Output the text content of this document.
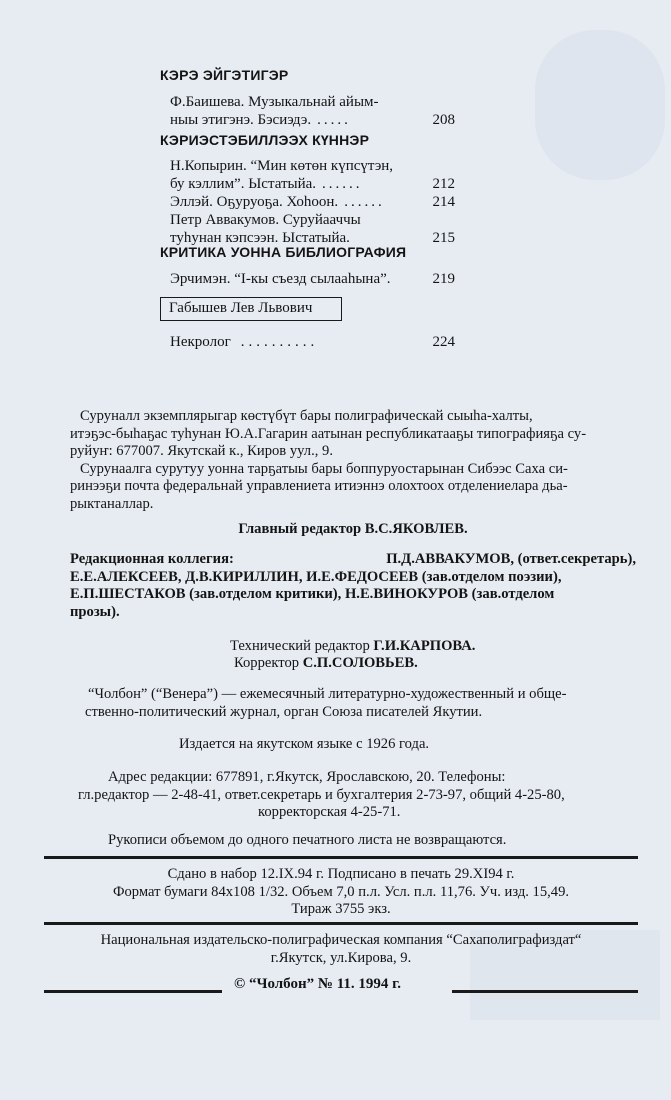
КЭРЭ ЭЙГЭТИГЭР
Ф.Баишева. Музыкальнай айым-
ныы этигэнэ. Бэсиэдэ. .....	208
КЭРИЭСТЭБИЛЛЭЭХ КҮННЭР
Н.Копырин. “Мин көтөн күпсүтэн,
бу кэллим”. Ыстатыйа. ......	212
Эллэй. Оҕуруоҕа. Хоһоон. ......	214
Петр Аввакумов. Суруйааччы
туһунан кэпсээн. Ыстатыйа.	215
КРИТИКА УОННА БИБЛИОГРАФИЯ
Эрчимэн. “I-кы съезд сылааһына”.	219
Габышев Лев Львович
Некролог ..........	224
Суруналл экземплярыгар көстүбүт бары полиграфическай сыыһа-халты,
итэҕэс-быһаҕас туһунан Ю.А.Гагарин аатынан республикатааҕы типографияҕа су-
руйуҥ: 677007. Якутскай к., Киров уул., 9.
Сурунаалга сурутуу уонна тарҕатыы бары боппуруостарынан Сибээс Саха си-
ринээҕи почта федеральнай управлениета итиэннэ олохтоох отделениелара дьа-
рыктаналлар.
Главный редактор В.С.ЯКОВЛЕВ.
Редакционная коллегия:	П.Д.АВВАКУМОВ, (ответ.секретарь),
Е.Е.АЛЕКСЕЕВ, Д.В.КИРИЛЛИН, И.Е.ФЕДОСЕЕВ (зав.отделом поэзии),
Е.П.ШЕСТАКОВ (зав.отделом критики), Н.Е.ВИНОКУРОВ (зав.отделом
прозы).
Технический редактор Г.И.КАРПОВА.
Корректор С.П.СОЛОВЬЕВ.
“Чолбон” (“Венера”) — ежемесячный литературно-художественный и обще-
ственно-политический журнал, орган Союза писателей Якутии.
Издается на якутском языке с 1926 года.
Адрес редакции: 677891, г.Якутск, Ярославскою, 20. Телефоны:
гл.редактор — 2-48-41, ответ.секретарь и бухгалтерия 2-73-97, общий 4-25-80,
корректорская 4-25-71.
Рукописи объемом до одного печатного листа не возвращаются.
Сдано в набор 12.IX.94 г. Подписано в печать 29.XI94 г.
Формат бумаги 84х108 1/32. Объем 7,0 п.л. Усл. п.л. 11,76. Уч. изд. 15,49.
Тираж 3755 экз.
Национальная издательско-полиграфическая компания “Сахаполиграфиздат“
г.Якутск, ул.Кирова, 9.
© “Чолбон” № 11. 1994 г.
